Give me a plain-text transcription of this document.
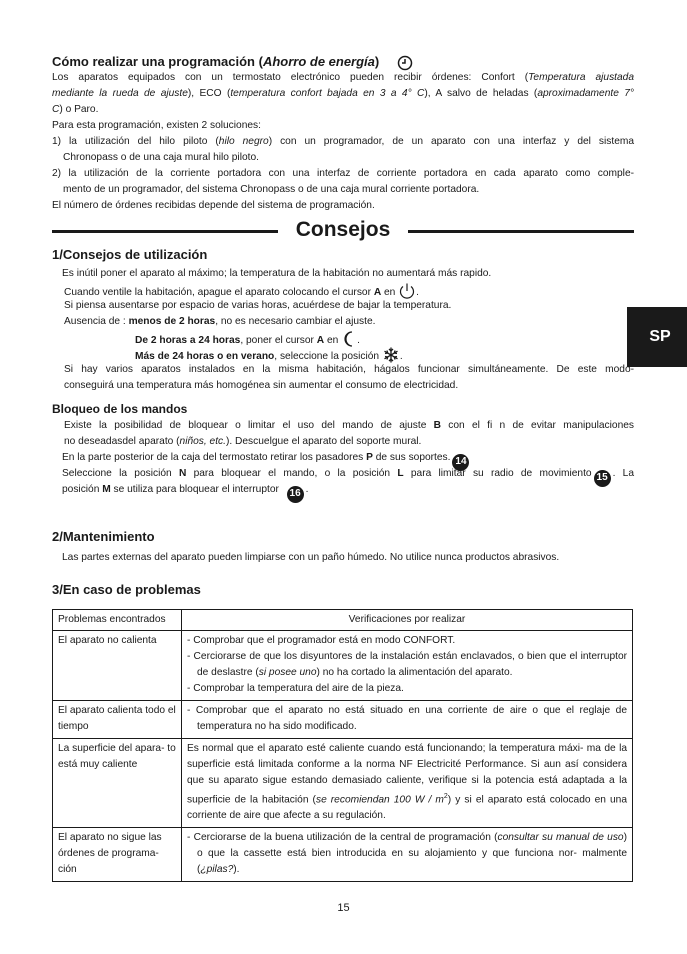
Cómo realizar una programación (Ahorro de energía)
Los aparatos equipados con un termostato electrónico pueden recibir órdenes: Confort (Temperatura ajustada
mediante la rueda de ajuste), ECO (temperatura confort bajada en 3 a 4° C), A salvo de heladas (aproximadamente 7°
C) o Paro.
Para esta programación, existen 2 soluciones:
1) la utilización del hilo piloto (hilo negro) con un programador, de un aparato con una interfaz y del sistema
Chronopass o de una caja mural hilo piloto.
2) la utilización de la corriente portadora con una interfaz de corriente portadora en cada aparato como comple-
mento de un programador, del sistema Chronopass o de una caja mural corriente portadora.
El número de órdenes recibidas depende del sistema de programación.
Consejos
SP
1/Consejos de utilización
Es inútil poner el aparato al máximo; la temperatura de la habitación no aumentará más rapido.
Cuando ventile la habitación, apague el aparato colocando el cursor A en .
Si piensa ausentarse por espacio de varias horas, acuérdese de bajar la temperatura.
Ausencia de : menos de 2 horas, no es necesario cambiar el ajuste.
De 2 horas a 24 horas, poner el cursor A en .
Más de 24 horas o en verano, seleccione la posición .
Si hay varios aparatos instalados en la misma habitación, hágalos funcionar simultáneamente. De este modo-
conseguirá una temperatura más homogénea sin aumentar el consumo de electricidad.
Bloqueo de los mandos
Existe la posibilidad de bloquear o limitar el uso del mando de ajuste B con el fi n de evitar manipulaciones
no deseadasdel aparato (niños, etc.). Descuelgue el aparato del soporte mural.
En la parte posterior de la caja del termostato retirar los pasadores P de sus soportes. 14
Seleccione la posición N para bloquear el mando, o la posición L para limitar su radio de movimiento 15 . La
posición M se utiliza para bloquear el interruptor 16 .
2/Mantenimiento
Las partes externas del aparato pueden limpiarse con un paño húmedo. No utilice nunca productos abrasivos.
3/En caso de problemas
Problemas encontrados	Verificaciones por realizar
El aparato no calienta	- Comprobar que el programador está en modo CONFORT.
- Cerciorarse de que los disyuntores de la instalación están enclavados, o bien que el interruptor de deslastre (si posee uno) no ha cortado la alimentación del aparato.
- Comprobar la temperatura del aire de la pieza.

El aparato calienta todo el tiempo	- Comprobar que el aparato no está situado en una corriente de aire o que el reglaje de temperatura no ha sido modificado.

La superficie del apara- to está muy caliente	Es normal que el aparato esté caliente cuando está funcionando; la temperatura máxi- ma de la superficie está limitada conforme a la norma NF Electricité Performance. Si aun así considera que su aparato sigue estando demasiado caliente, verifique si la potencia está adaptada a la superficie de la habitación (se recomiendan 100 W / $m^2$) y si el aparato está colocado en una corriente de aire que afecte a su regulación.

El aparato no sigue las órdenes de programa- ción	- Cerciorarse de la buena utilización de la central de programación (consultar su manual de uso) o que la cassette está bien introducida en su alojamiento y que funciona nor- malmente (¿pilas?).
15
